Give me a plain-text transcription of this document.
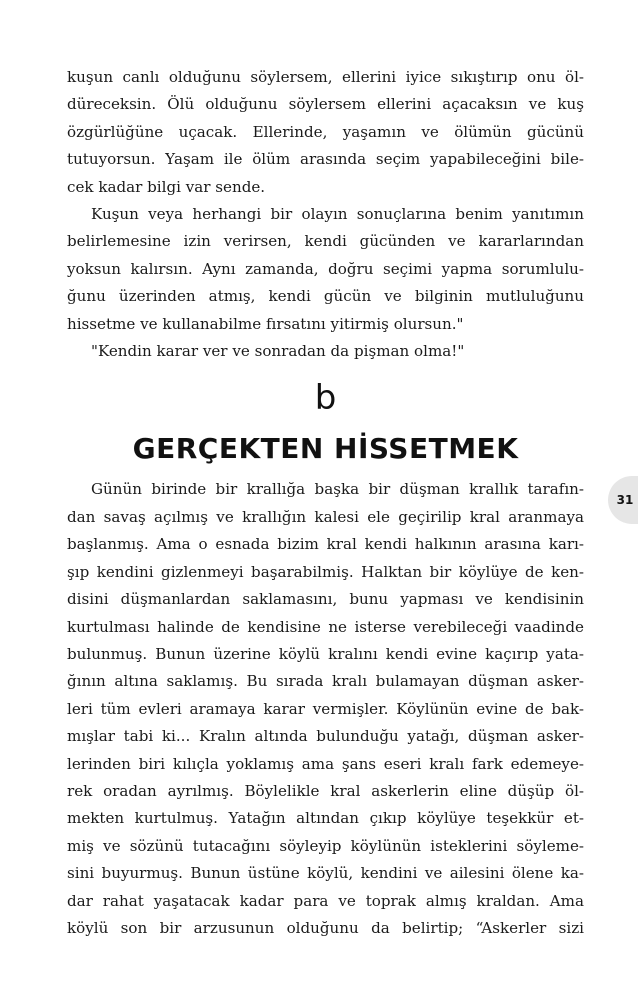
kuşun canlı olduğunu söylersem, ellerini iyice sıkıştırıp onu öl-
düreceksin. Ölü olduğunu söylersem ellerini açacaksın ve kuş
özgürlüğüne uçacak. Ellerinde, yaşamın ve ölümün gücünü
tutuyorsun. Yaşam ile ölüm arasında seçim yapabileceğini bile-
cek kadar bilgi var sende.
Kuşun veya herhangi bir olayın sonuçlarına benim yanıtımın
belirlemesine izin verirsen, kendi gücünden ve kararlarından
yoksun kalırsın. Aynı zamanda, doğru seçimi yapma sorumlulu-
ğunu üzerinden atmış, kendi gücün ve bilginin mutluluğunu
hissetme ve kullanabilme fırsatını yitirmiş olursun."

"Kendin karar ver ve sonradan da pişman olma!"

b
GERÇEKTEN HİSSETMEK
Günün birinde bir krallığa başka bir düşman krallık tarafın-
dan savaş açılmış ve krallığın kalesi ele geçirilip kral aranmaya
başlanmış. Ama o esnada bizim kral kendi halkının arasına karı-
şıp kendini gizlenmeyi başarabilmiş. Halktan bir köylüye de ken-
disini düşmanlardan saklamasını, bunu yapması ve kendisinin
kurtulması halinde de kendisine ne isterse verebileceği vaadinde
bulunmuş. Bunun üzerine köylü kralını kendi evine kaçırıp yata-
ğının altına saklamış. Bu sırada kralı bulamayan düşman asker-
leri tüm evleri aramaya karar vermişler. Köylünün evine de bak-
mışlar tabi ki... Kralın altında bulunduğu yatağı, düşman asker-
lerinden biri kılıçla yoklamış ama şans eseri kralı fark edemeye-
rek oradan ayrılmış. Böylelikle kral askerlerin eline düşüp öl-
mekten kurtulmuş. Yatağın altından çıkıp köylüye teşekkür et-
miş ve sözünü tutacağını söyleyip köylünün isteklerini söyleme-
sini buyurmuş. Bunun üstüne köylü, kendini ve ailesini ölene ka-
dar rahat yaşatacak kadar para ve toprak almış kraldan. Ama
köylü son bir arzusunun olduğunu da belirtip; “Askerler sizi
31
